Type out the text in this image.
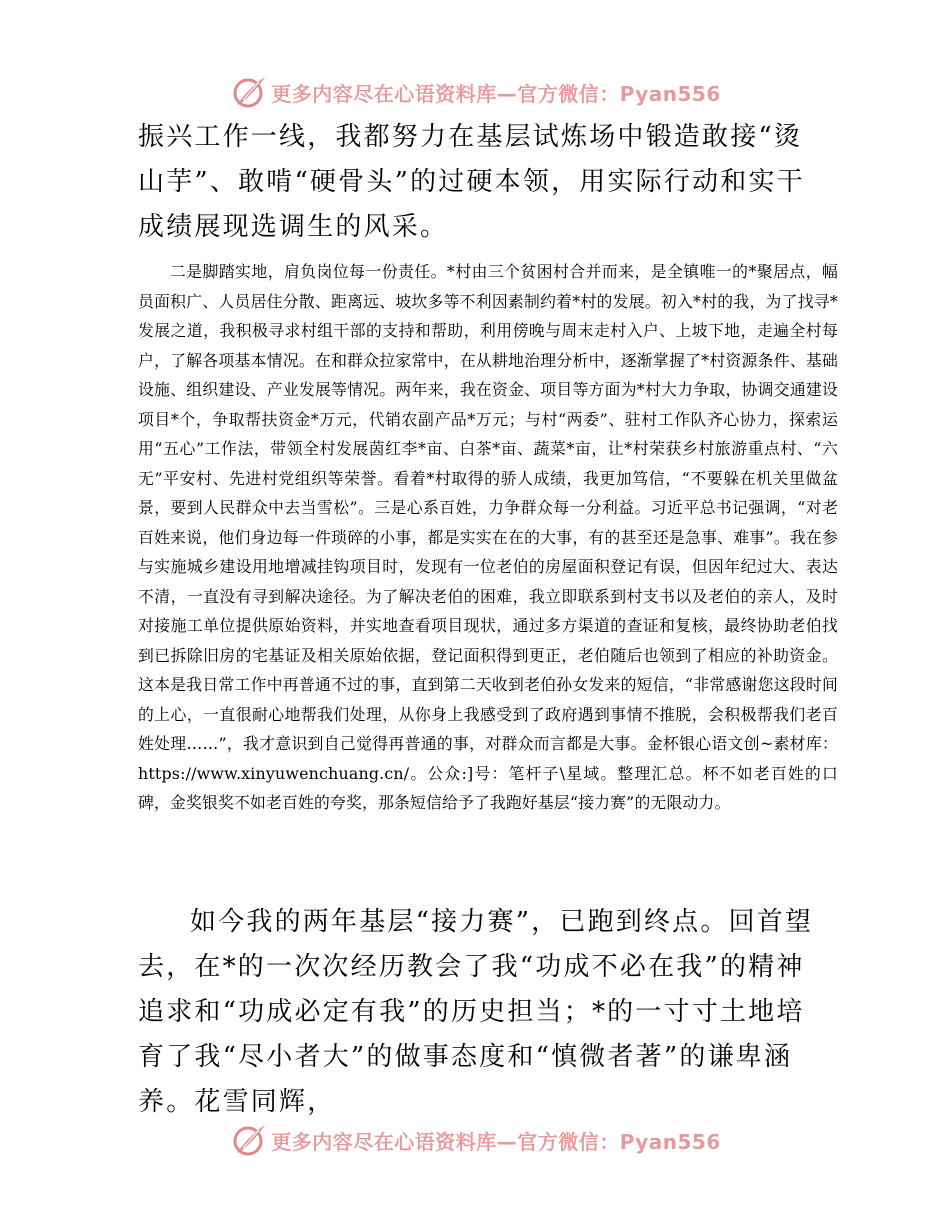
更多内容尽在心语资料库—官方微信：Pyan556

振兴工作一线，我都努力在基层试炼场中锻造敢接“烫山芋”、敢啃“硬骨头”的过硬本领，用实际行动和实干成绩展现选调生的风采。

二是脚踏实地，肩负岗位每一份责任。*村由三个贫困村合并而来，是全镇唯一的*聚居点，幅员面积广、人员居住分散、距离远、坡坎多等不利因素制约着*村的发展。初入*村的我，为了找寻*发展之道，我积极寻求村组干部的支持和帮助，利用傍晚与周末走村入户、上坡下地，走遍全村每户，了解各项基本情况。在和群众拉家常中，在从耕地治理分析中，逐渐掌握了*村资源条件、基础设施、组织建设、产业发展等情况。两年来，我在资金、项目等方面为*村大力争取，协调交通建设项目*个，争取帮扶资金*万元，代销农副产品*万元；与村“两委”、驻村工作队齐心协力，探索运用“五心”工作法，带领全村发展茵红李*亩、白茶*亩、蔬菜*亩，让*村荣获乡村旅游重点村、“六无”平安村、先进村党组织等荣誉。看着*村取得的骄人成绩，我更加笃信，“不要躲在机关里做盆景，要到人民群众中去当雪松”。三是心系百姓，力争群众每一分利益。习近平总书记强调，“对老百姓来说，他们身边每一件琐碎的小事，都是实实在在的大事，有的甚至还是急事、难事”。我在参与实施城乡建设用地增减挂钩项目时，发现有一位老伯的房屋面积登记有误，但因年纪过大、表达不清，一直没有寻到解决途径。为了解决老伯的困难，我立即联系到村支书以及老伯的亲人，及时对接施工单位提供原始资料，并实地查看项目现状，通过多方渠道的查证和复核，最终协助老伯找到已拆除旧房的宅基证及相关原始依据，登记面积得到更正，老伯随后也领到了相应的补助资金。这本是我日常工作中再普通不过的事，直到第二天收到老伯孙女发来的短信，“非常感谢您这段时间的上心，一直很耐心地帮我们处理，从你身上我感受到了政府遇到事情不推脱，会积极帮我们老百姓处理……”，我才意识到自己觉得再普通的事，对群众而言都是大事。金杯银心语文创~素材库：https://www.xinyuwenchuang.cn/。公众:]号：笔杆子\星域。整理汇总。杯不如老百姓的口碑，金奖银奖不如老百姓的夸奖，那条短信给予了我跑好基层“接力赛”的无限动力。

如今我的两年基层“接力赛”，已跑到终点。回首望去，在*的一次次经历教会了我“功成不必在我”的精神追求和“功成必定有我”的历史担当；*的一寸寸土地培育了我“尽小者大”的做事态度和“慎微者著”的谦卑涵养。花雪同辉，

更多内容尽在心语资料库—官方微信：Pyan556
